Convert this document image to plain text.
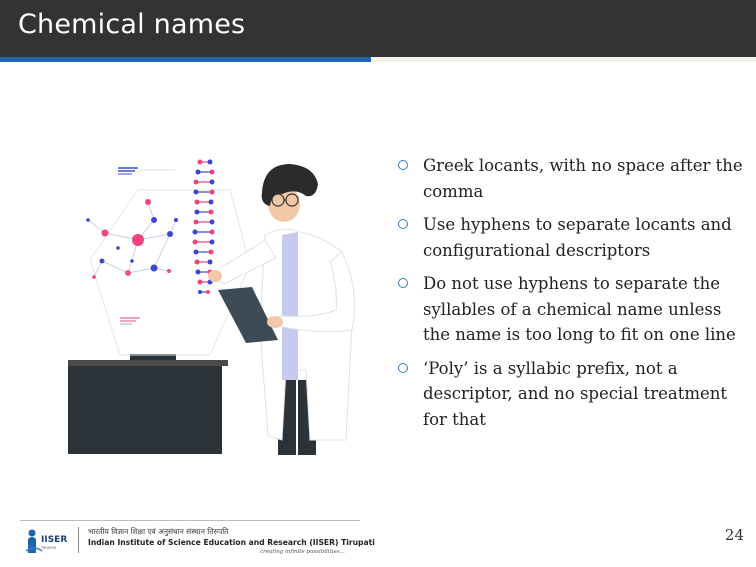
Chemical names
Greek locants, with no space after the comma
Use hyphens to separate locants and configurational descriptors
Do not use hyphens to separate the syllables of a chemical name unless the name is too long to fit on one line
‘Poly’ is a syllabic prefix, not a descriptor, and no special treatment for that
IISER
TIRUPATI
भारतीय विज्ञान शिक्षा एवं अनुसंधान संस्थान तिरुपति
Indian Institute of Science Education and Research (IISER) Tirupati
creating infinite possibilities...
24
